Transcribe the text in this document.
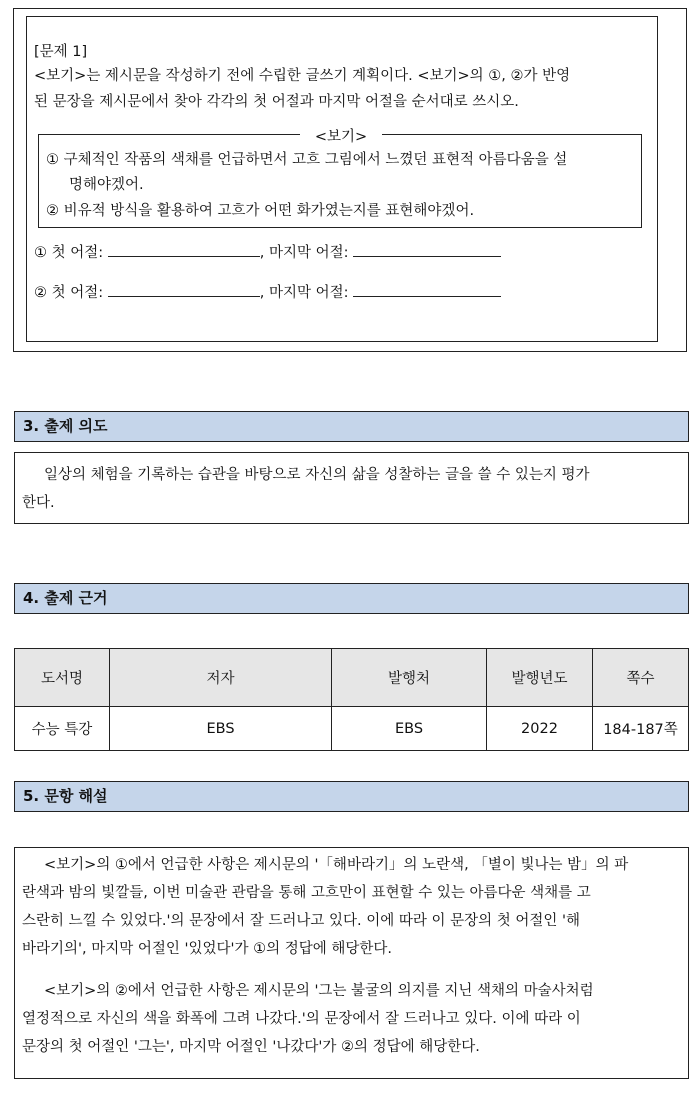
[문제 1]
<보기>는 제시문을 작성하기 전에 수립한 글쓰기 계획이다. <보기>의 ①, ②가 반영
된 문장을 제시문에서 찾아 각각의 첫 어절과 마지막 어절을 순서대로 쓰시오.
<보기>
① 구체적인 작품의 색채를 언급하면서 고흐 그림에서 느꼈던 표현적 아름다움을 설
명해야겠어.
② 비유적 방식을 활용하여 고흐가 어떤 화가였는지를 표현해야겠어.
① 첫 어절:	, 마지막 어절:
② 첫 어절:	, 마지막 어절:
3. 출제 의도
일상의 체험을 기록하는 습관을 바탕으로 자신의 삶을 성찰하는 글을 쓸 수 있는지 평가
한다.
4. 출제 근거
도서명	저자	발행처	발행년도	쪽수
수능 특강	EBS	EBS	2022	184-187쪽
5. 문항 해설
<보기>의 ①에서 언급한 사항은 제시문의 '「해바라기」의 노란색, 「별이 빛나는 밤」의 파
란색과 밤의 빛깔들, 이번 미술관 관람을 통해 고흐만이 표현할 수 있는 아름다운 색채를 고
스란히 느낄 수 있었다.'의 문장에서 잘 드러나고 있다. 이에 따라 이 문장의 첫 어절인 '해
바라기의', 마지막 어절인 '있었다'가 ①의 정답에 해당한다.
<보기>의 ②에서 언급한 사항은 제시문의 '그는 불굴의 의지를 지닌 색채의 마술사처럼
열정적으로 자신의 색을 화폭에 그려 나갔다.'의 문장에서 잘 드러나고 있다. 이에 따라 이
문장의 첫 어절인 '그는', 마지막 어절인 '나갔다'가 ②의 정답에 해당한다.
